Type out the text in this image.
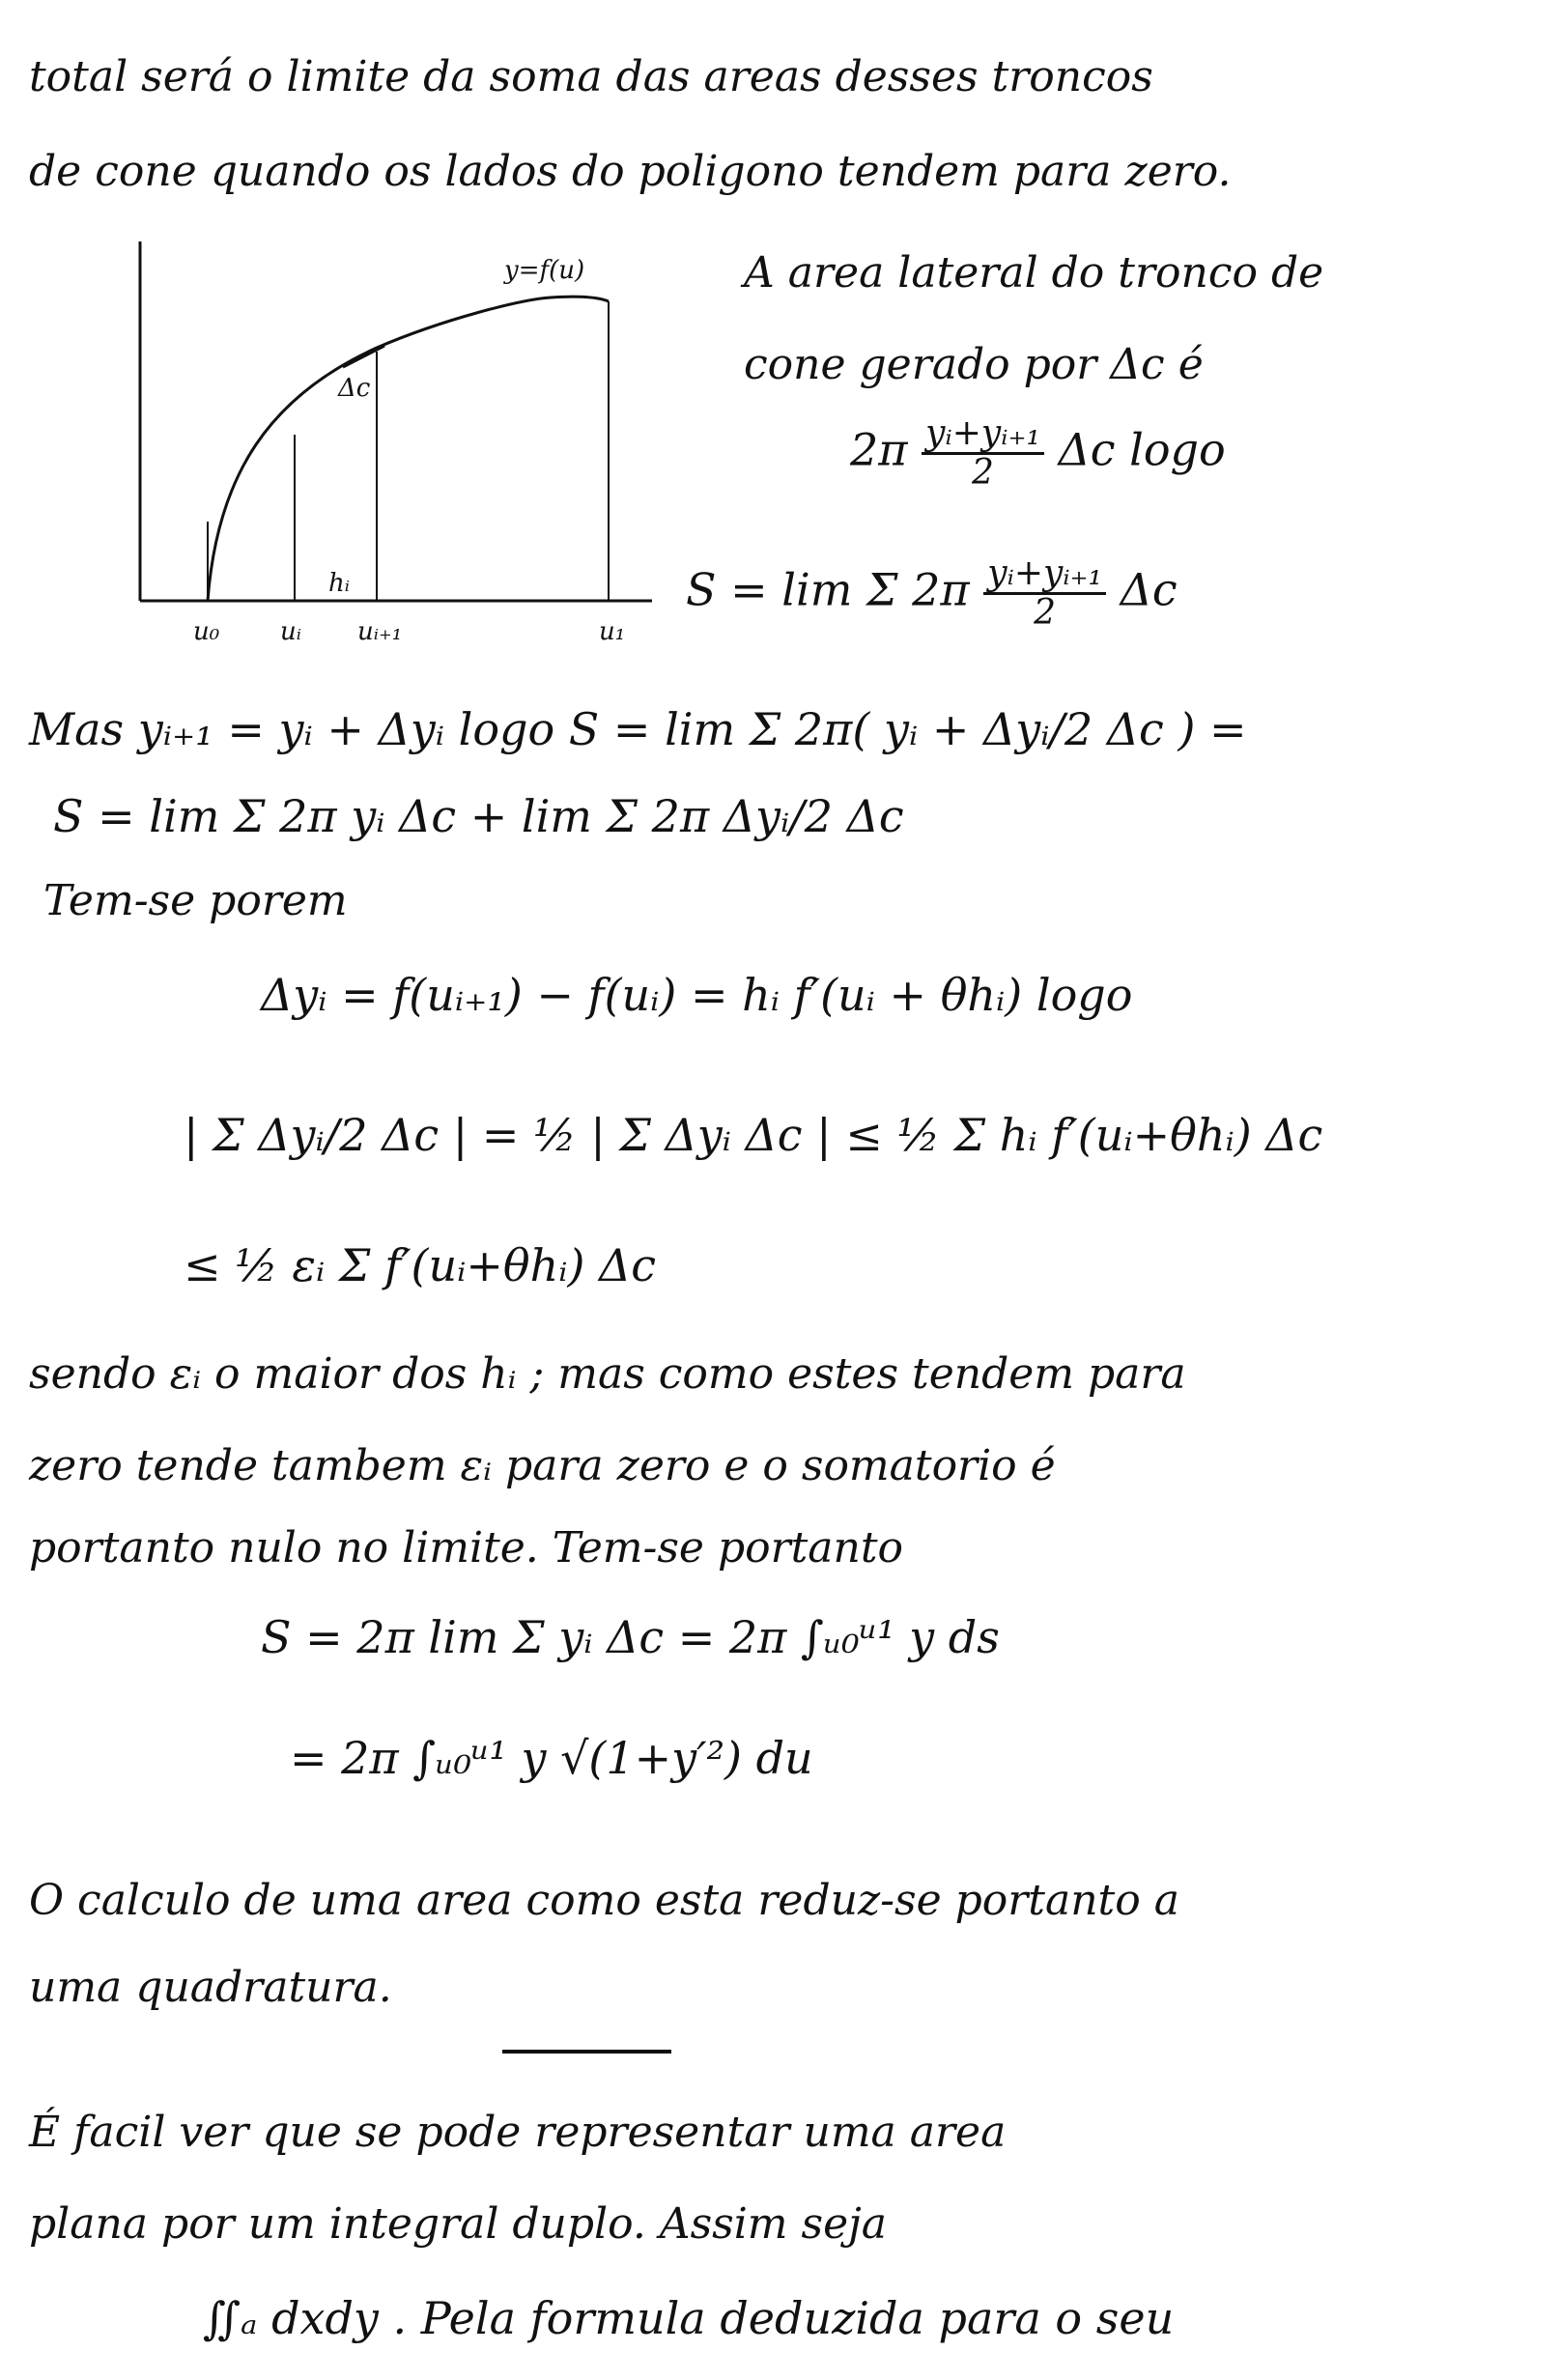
total será o limite da soma das areas desses troncos
de cone quando os lados do poligono tendem para zero.
y=f(u)
Δc
hᵢ
u₀ uᵢ uᵢ₊₁	u₁
A area lateral do tronco de
cone gerado por Δc é
$2\pi \frac{\text{yᵢ+yᵢ₊₁}}{2}$ Δc logo
S = lim Σ $2\pi \frac{\text{yᵢ+yᵢ₊₁}}{2}$ Δc
Mas yᵢ₊₁ = yᵢ + Δyᵢ logo S = lim Σ 2π( yᵢ + Δyᵢ/2 Δc ) =
S = lim Σ 2π yᵢ Δc + lim Σ 2π Δyᵢ/2 Δc
Tem-se porem
Δyᵢ = f(uᵢ₊₁) − f(uᵢ) = hᵢ f′(uᵢ + θhᵢ) logo
| Σ Δyᵢ/2 Δc | = ½ | Σ Δyᵢ Δc | ≤ ½ Σ hᵢ f′(uᵢ+θhᵢ) Δc
≤ ½ εᵢ Σ f′(uᵢ+θhᵢ) Δc
sendo εᵢ o maior dos hᵢ ; mas como estes tendem para
zero tende tambem εᵢ para zero e o somatorio é
portanto nulo no limite. Tem-se portanto
S = 2π lim Σ yᵢ Δc = 2π ∫ᵤ₀ᵘ¹ y ds
= 2π ∫ᵤ₀ᵘ¹ y √(1+y′²) du
O calculo de uma area como esta reduz-se portanto a
uma quadratura.
É facil ver que se pode representar uma area
plana por um integral duplo. Assim seja
∬ₐ dxdy . Pela formula deduzida para o seu
